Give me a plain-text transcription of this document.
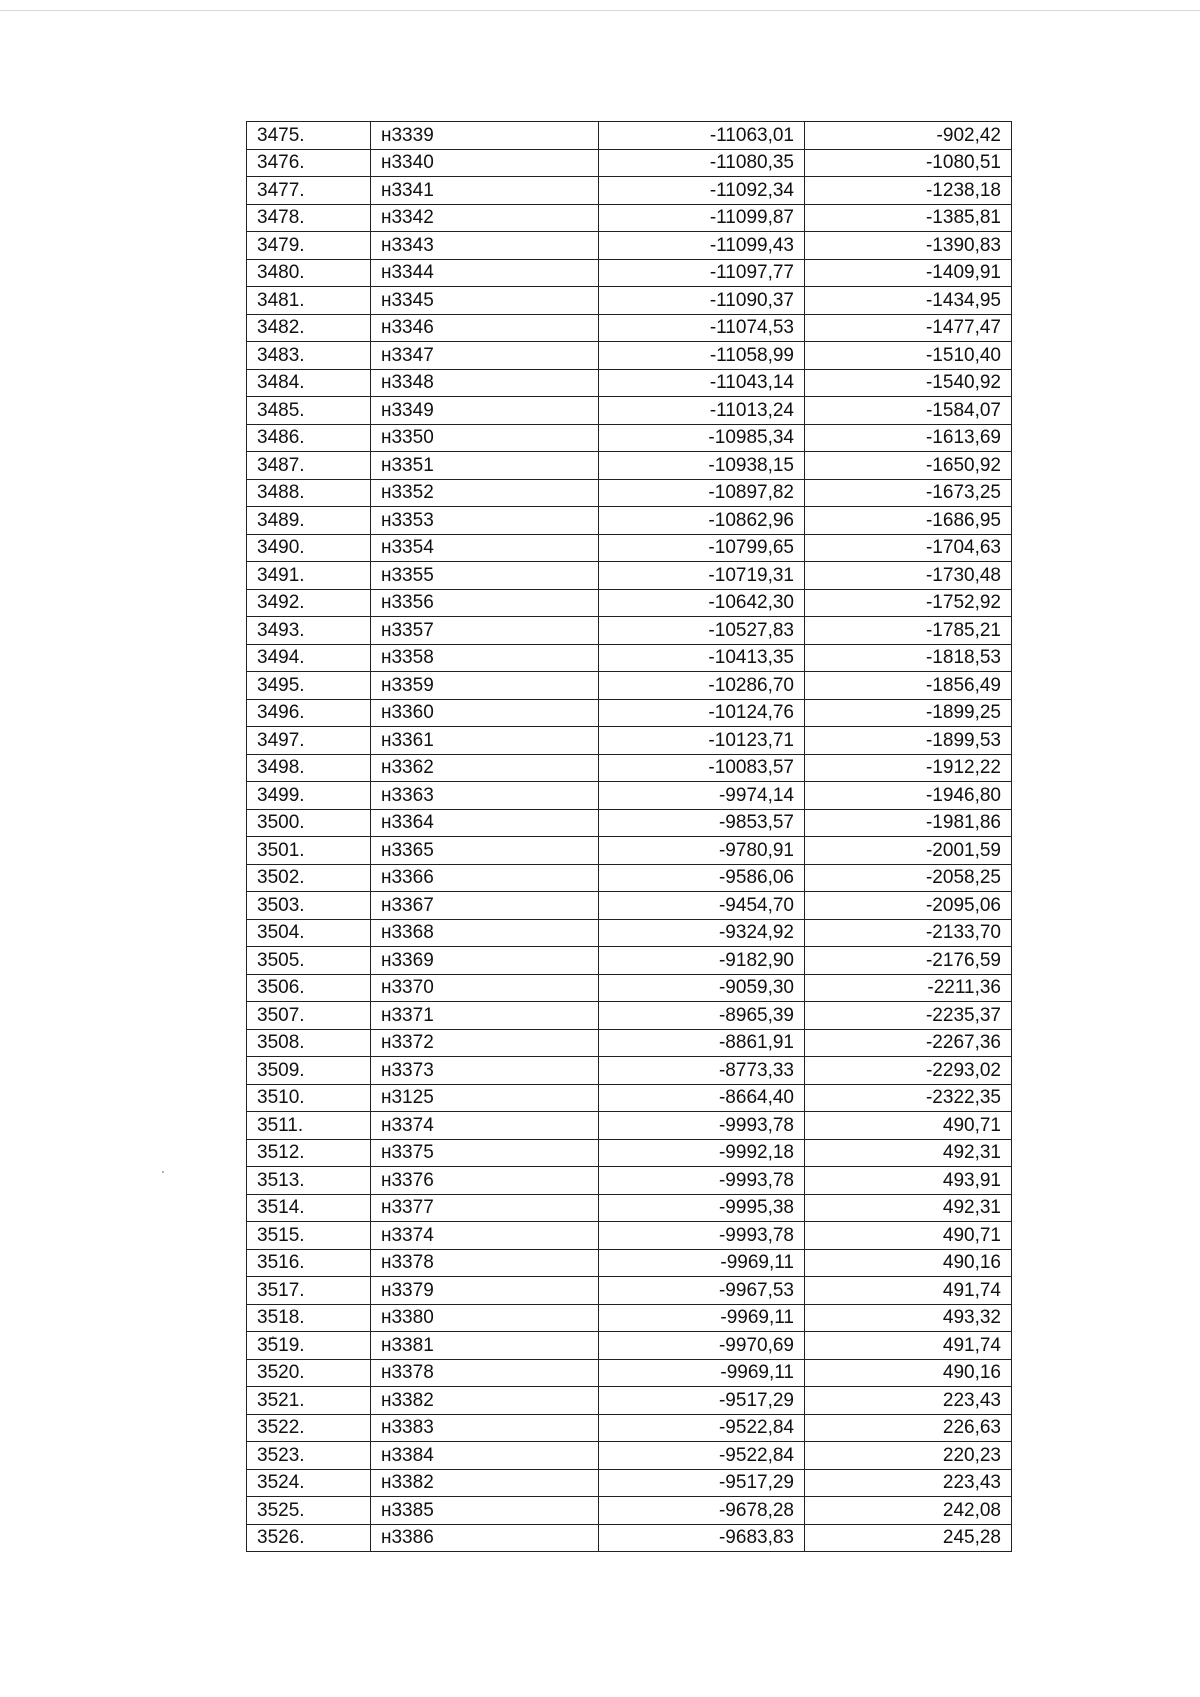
3475.	н3339	-11063,01	-902,42
3476.	н3340	-11080,35	-1080,51
3477.	н3341	-11092,34	-1238,18
3478.	н3342	-11099,87	-1385,81
3479.	н3343	-11099,43	-1390,83
3480.	н3344	-11097,77	-1409,91
3481.	н3345	-11090,37	-1434,95
3482.	н3346	-11074,53	-1477,47
3483.	н3347	-11058,99	-1510,40
3484.	н3348	-11043,14	-1540,92
3485.	н3349	-11013,24	-1584,07
3486.	н3350	-10985,34	-1613,69
3487.	н3351	-10938,15	-1650,92
3488.	н3352	-10897,82	-1673,25
3489.	н3353	-10862,96	-1686,95
3490.	н3354	-10799,65	-1704,63
3491.	н3355	-10719,31	-1730,48
3492.	н3356	-10642,30	-1752,92
3493.	н3357	-10527,83	-1785,21
3494.	н3358	-10413,35	-1818,53
3495.	н3359	-10286,70	-1856,49
3496.	н3360	-10124,76	-1899,25
3497.	н3361	-10123,71	-1899,53
3498.	н3362	-10083,57	-1912,22
3499.	н3363	-9974,14	-1946,80
3500.	н3364	-9853,57	-1981,86
3501.	н3365	-9780,91	-2001,59
3502.	н3366	-9586,06	-2058,25
3503.	н3367	-9454,70	-2095,06
3504.	н3368	-9324,92	-2133,70
3505.	н3369	-9182,90	-2176,59
3506.	н3370	-9059,30	-2211,36
3507.	н3371	-8965,39	-2235,37
3508.	н3372	-8861,91	-2267,36
3509.	н3373	-8773,33	-2293,02
3510.	н3125	-8664,40	-2322,35
3511.	н3374	-9993,78	490,71
3512.	н3375	-9992,18	492,31
3513.	н3376	-9993,78	493,91
3514.	н3377	-9995,38	492,31
3515.	н3374	-9993,78	490,71
3516.	н3378	-9969,11	490,16
3517.	н3379	-9967,53	491,74
3518.	н3380	-9969,11	493,32
3519.	н3381	-9970,69	491,74
3520.	н3378	-9969,11	490,16
3521.	н3382	-9517,29	223,43
3522.	н3383	-9522,84	226,63
3523.	н3384	-9522,84	220,23
3524.	н3382	-9517,29	223,43
3525.	н3385	-9678,28	242,08
3526.	н3386	-9683,83	245,28
